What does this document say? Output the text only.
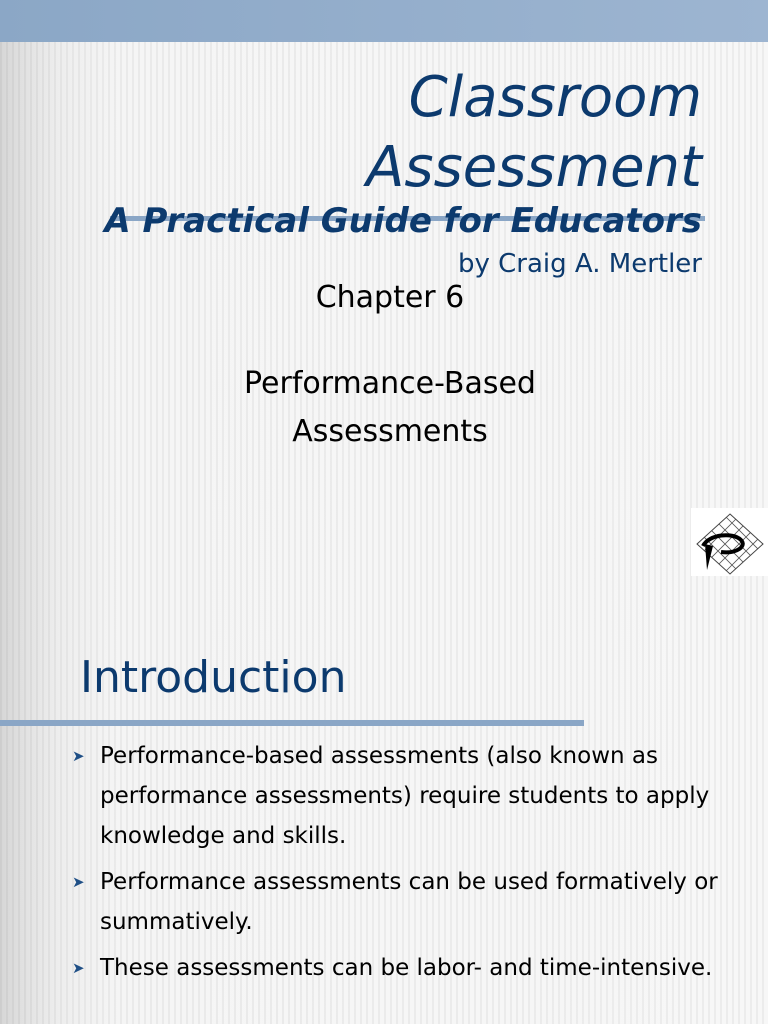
Classroom
Assessment
A Practical Guide for Educators
by Craig A. Mertler
Chapter 6
Performance-Based
Assessments
Introduction
➤ Performance-based assessments (also known as performance assessments) require students to apply knowledge and skills.
➤ Performance assessments can be used formatively or summatively.
➤ These assessments can be labor- and time-intensive.
